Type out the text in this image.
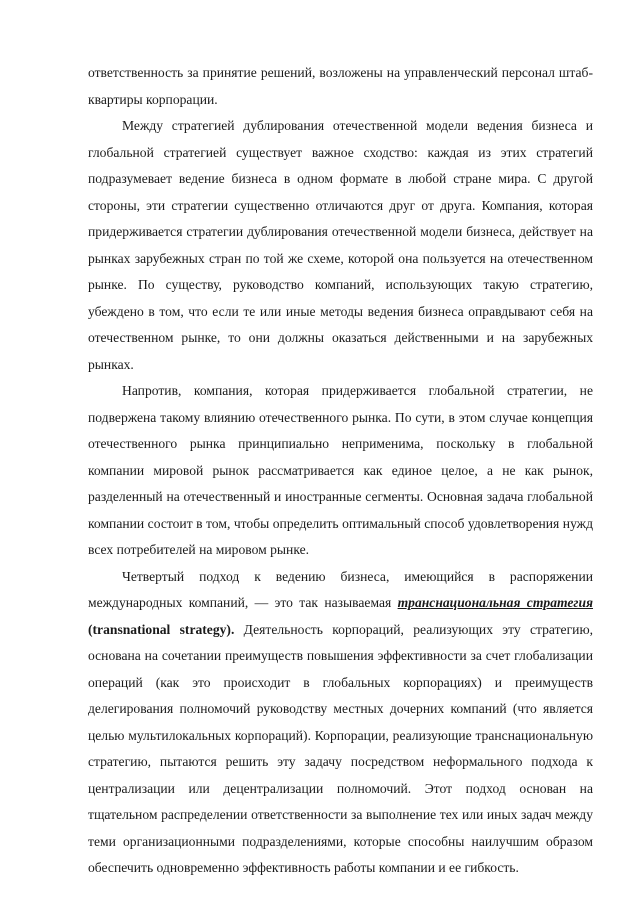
ответственность за принятие решений, возложены на управленческий персонал штаб-квартиры корпорации.

Между стратегией дублирования отечественной модели ведения бизнеса и глобальной стратегией существует важное сходство: каждая из этих стратегий подразумевает ведение бизнеса в одном формате в любой стране мира. С другой стороны, эти стратегии существенно отличаются друг от друга. Компания, которая придерживается стратегии дублирования отечественной модели бизнеса, действует на рынках зарубежных стран по той же схеме, которой она пользуется на отечественном рынке. По существу, руководство компаний, использующих такую стратегию, убеждено в том, что если те или иные методы ведения бизнеса оправдывают себя на отечественном рынке, то они должны оказаться действенными и на зарубежных рынках.

Напротив, компания, которая придерживается глобальной стратегии, не подвержена такому влиянию отечественного рынка. По сути, в этом случае концепция отечественного рынка принципиально неприменима, поскольку в глобальной компании мировой рынок рассматривается как единое целое, а не как рынок, разделенный на отечественный и иностранные сегменты. Основная задача глобальной компании состоит в том, чтобы определить оптимальный способ удовлетворения нужд всех потребителей на мировом рынке.

Четвертый подход к ведению бизнеса, имеющийся в распоряжении международных компаний, — это так называемая транснациональная стратегия (transnational strategy). Деятельность корпораций, реализующих эту стратегию, основана на сочетании преимуществ повышения эффективности за счет глобализации операций (как это происходит в глобальных корпорациях) и преимуществ делегирования полномочий руководству местных дочерних компаний (что является целью мультилокальных корпораций). Корпорации, реализующие транснациональную стратегию, пытаются решить эту задачу посредством неформального подхода к централизации или децентрализации полномочий. Этот подход основан на тщательном распределении ответственности за выполнение тех или иных задач между теми организационными подразделениями, которые способны наилучшим образом обеспечить одновременно эффективность работы компании и ее гибкость.
